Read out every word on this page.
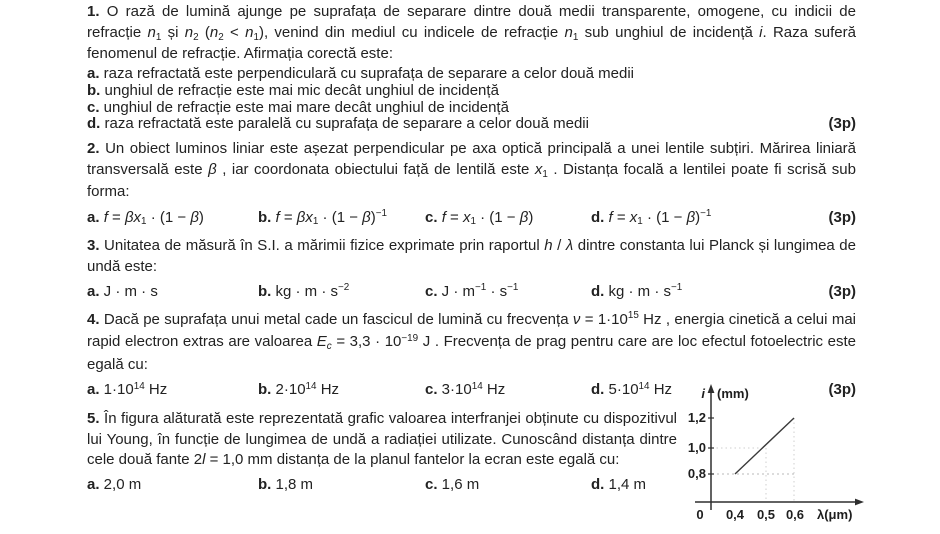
1. O rază de lumină ajunge pe suprafața de separare dintre două medii transparente, omogene, cu indicii de refracție $n_1$ și $n_2$ $(n_2 < n_1)$, venind din mediul cu indicele de refracție $n_1$ sub unghiul de incidență i. Raza suferă fenomenul de refracție. Afirmația corectă este:

a. raza refractată este perpendiculară cu suprafața de separare a celor două medii

b. unghiul de refracție este mai mic decât unghiul de incidență

c. unghiul de refracție este mai mare decât unghiul de incidență

d. raza refractată este paralelă cu suprafața de separare a celor două medii	(3p)

2. Un obiect luminos liniar este așezat perpendicular pe axa optică principală a unei lentile subțiri. Mărirea liniară transversală este β , iar coordonata obiectului față de lentilă este $x_1$ . Distanța focală a lentilei poate fi scrisă sub forma:

a. $f = \beta x_1 \cdot (1 - \beta)$	b. $f = \beta x_1 \cdot (1 - \beta)^{-1}$	c. $f = x_1 \cdot (1 - \beta)$	d. $f = x_1 \cdot (1 - \beta)^{-1}$	(3p)

3. Unitatea de măsură în S.I. a mărimii fizice exprimate prin raportul h / λ dintre constanta lui Planck și lungimea de undă este:

a. J · m · s	b. kg · $m \cdot s^{-2}$	c. $J \cdot m^{-1} \cdot s^{-1}$	d. kg · $m \cdot s^{-1}$	(3p)

4. Dacă pe suprafața unui metal cade un fascicul de lumină cu frecvența $\nu = 1\cdot 10^{15}$ Hz , energia cinetică a celui mai rapid electron extras are valoarea $E_c = 3,3 \cdot 10^{-19}$ J . Frecvența de prag pentru care are loc efectul fotoelectric este egală cu:

a. $1\cdot 10^{14}$ Hz	b. $2\cdot 10^{14}$ Hz	c. $3\cdot 10^{14}$ Hz	d. $5\cdot 10^{14}$ Hz	(3p)

5. În figura alăturată este reprezentată grafic valoarea interfranjei obținute cu dispozitivul lui Young, în funcție de lungimea de undă a radiației utilizate. Cunoscând distanța dintre cele două fante 2l = 1,0 mm distanța de la planul fantelor la ecran este egală cu:

a. 2,0 m	b. 1,8 m	c. 1,6 m	d. 1,4 m
i (mm)
1,2
1,0
0,8
0 0,4 0,5 0,6 λ(μm)
